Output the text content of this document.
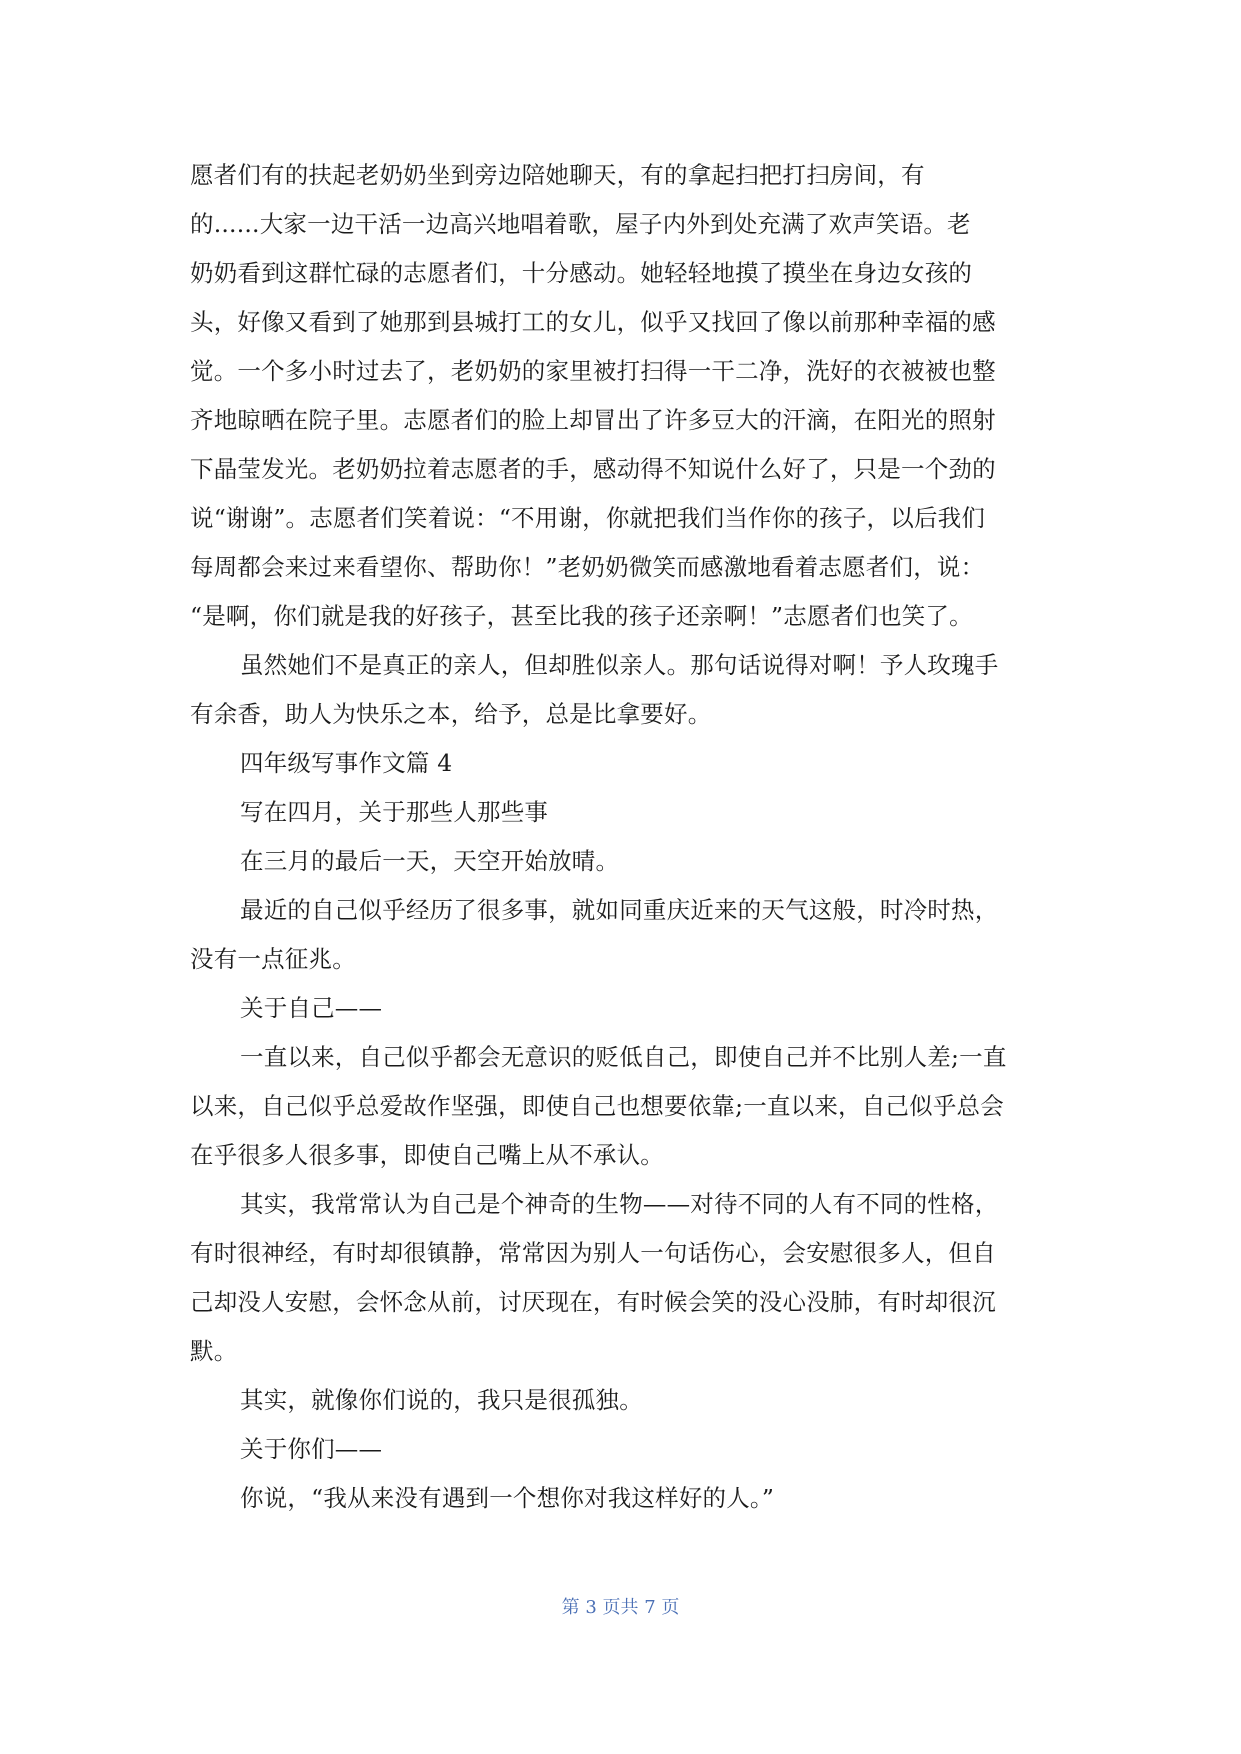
愿者们有的扶起老奶奶坐到旁边陪她聊天，有的拿起扫把打扫房间，有

的......大家一边干活一边高兴地唱着歌，屋子内外到处充满了欢声笑语。老

奶奶看到这群忙碌的志愿者们，十分感动。她轻轻地摸了摸坐在身边女孩的

头，好像又看到了她那到县城打工的女儿，似乎又找回了像以前那种幸福的感

觉。一个多小时过去了，老奶奶的家里被打扫得一干二净，洗好的衣被被也整

齐地晾晒在院子里。志愿者们的脸上却冒出了许多豆大的汗滴，在阳光的照射

下晶莹发光。老奶奶拉着志愿者的手，感动得不知说什么好了，只是一个劲的

说“谢谢”。志愿者们笑着说：“不用谢，你就把我们当作你的孩子，以后我们

每周都会来过来看望你、帮助你！”老奶奶微笑而感激地看着志愿者们，说：

“是啊，你们就是我的好孩子，甚至比我的孩子还亲啊！”志愿者们也笑了。

虽然她们不是真正的亲人，但却胜似亲人。那句话说得对啊！予人玫瑰手

有余香，助人为快乐之本，给予，总是比拿要好。

四年级写事作文篇 4

写在四月，关于那些人那些事

在三月的最后一天，天空开始放晴。

最近的自己似乎经历了很多事，就如同重庆近来的天气这般，时冷时热，

没有一点征兆。

关于自己——

一直以来，自己似乎都会无意识的贬低自己，即使自己并不比别人差;一直

以来，自己似乎总爱故作坚强，即使自己也想要依靠;一直以来，自己似乎总会

在乎很多人很多事，即使自己嘴上从不承认。

其实，我常常认为自己是个神奇的生物——对待不同的人有不同的性格，

有时很神经，有时却很镇静，常常因为别人一句话伤心，会安慰很多人，但自

己却没人安慰，会怀念从前，讨厌现在，有时候会笑的没心没肺，有时却很沉

默。

其实，就像你们说的，我只是很孤独。

关于你们——

你说，“我从来没有遇到一个想你对我这样好的人。”

第 3 页共 7 页
